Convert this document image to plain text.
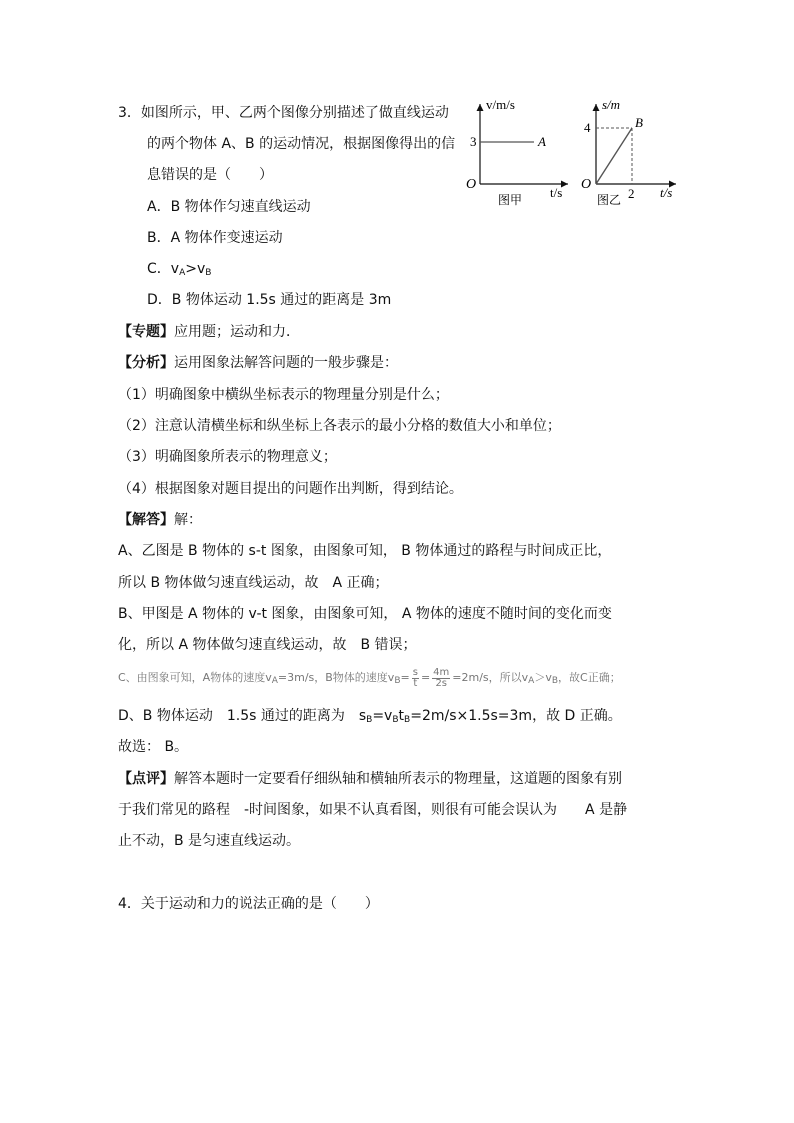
3．如图所示，甲、乙两个图像分别描述了做直线运动
的两个物体 A、B 的运动情况，根据图像得出的信
息错误的是（　　）
A．B 物体作匀速直线运动
B．A 物体作变速运动
C．$v_A>v_B$
D．B 物体运动 1.5s 通过的距离是 3m
v/m/s
3	A
O
t/s
图甲
s/m
4	B
O
2 t/s
图乙
【专题】应用题；运动和力．
【分析】运用图象法解答问题的一般步骤是：
（1）明确图象中横纵坐标表示的物理量分别是什么；
（2）注意认清横坐标和纵坐标上各表示的最小分格的数值大小和单位；
（3）明确图象所表示的物理意义；
（4）根据图象对题目提出的问题作出判断，得到结论。
【解答】解：
A、乙图是 B 物体的 s-t 图象，由图象可知， B 物体通过的路程与时间成正比，
所以 B 物体做匀速直线运动，故　A 正确；
B、甲图是 A 物体的 v-t 图象，由图象可知， A 物体的速度不随时间的变化而变
化，所以 A 物体做匀速直线运动，故　B 错误；
C、由图象可知，A物体的速度$v_A=3m/s$，B物体的速度$v_B= \frac{s}{t} = \frac{4m}{2s} =2m/s$，所以$v_A>v_B$，故C正确；
D、B 物体运动　1.5s 通过的距离为　$s_B=v_Bt_B=2m/s\times 1.5s=3m$，故 D 正确。
故选： B。
【点评】解答本题时一定要看仔细纵轴和横轴所表示的物理量，这道题的图象有别
于我们常见的路程　-时间图象，如果不认真看图，则很有可能会误认为　　A 是静
止不动，B 是匀速直线运动。
4．关于运动和力的说法正确的是（　　）
